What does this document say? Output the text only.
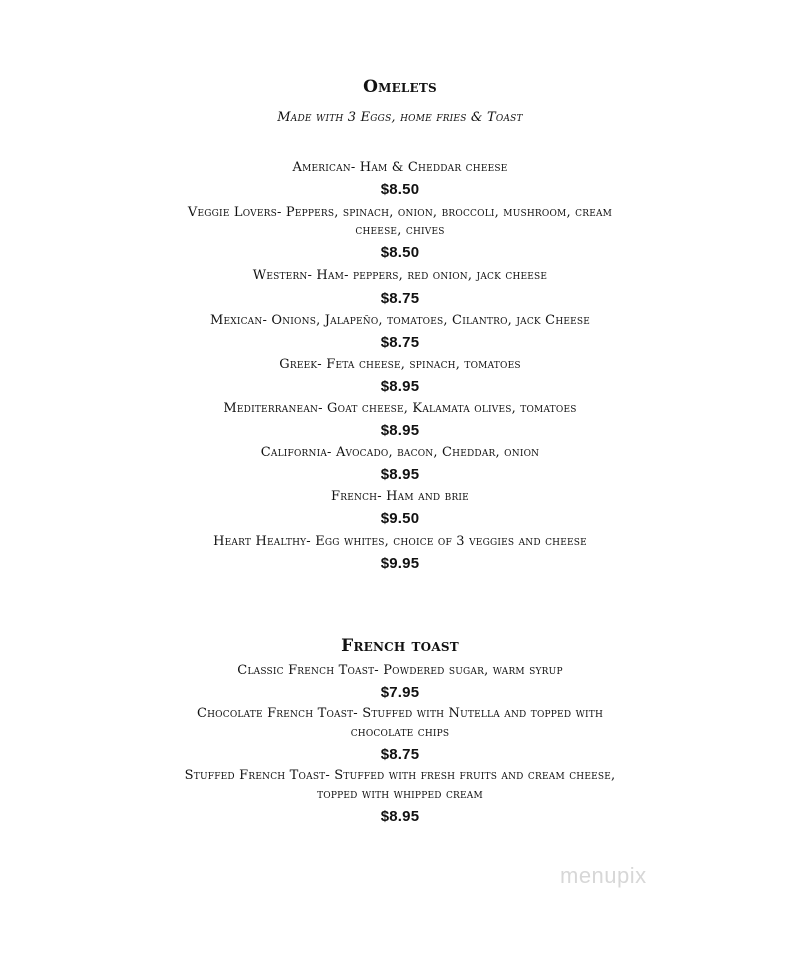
Omelets
Made with 3 Eggs, home fries & Toast
American- Ham & Cheddar cheese
$8.50
Veggie Lovers- Peppers, spinach, onion, broccoli, mushroom, cream
cheese, chives
$8.50
Western- Ham- peppers, red onion, jack cheese
$8.75
Mexican- Onions, Jalapeño, tomatoes, Cilantro, jack Cheese
$8.75
Greek- Feta cheese, spinach, tomatoes
$8.95
Mediterranean- Goat cheese, Kalamata olives, tomatoes
$8.95
California- Avocado, bacon, Cheddar, onion
$8.95
French- Ham and brie
$9.50
Heart Healthy- Egg whites, choice of 3 veggies and cheese
$9.95
French toast
Classic French Toast- Powdered sugar, warm syrup
$7.95
Chocolate French Toast- Stuffed with Nutella and topped with
chocolate chips
$8.75
Stuffed French Toast- Stuffed with fresh fruits and cream cheese,
topped with whipped cream
$8.95
menupix
